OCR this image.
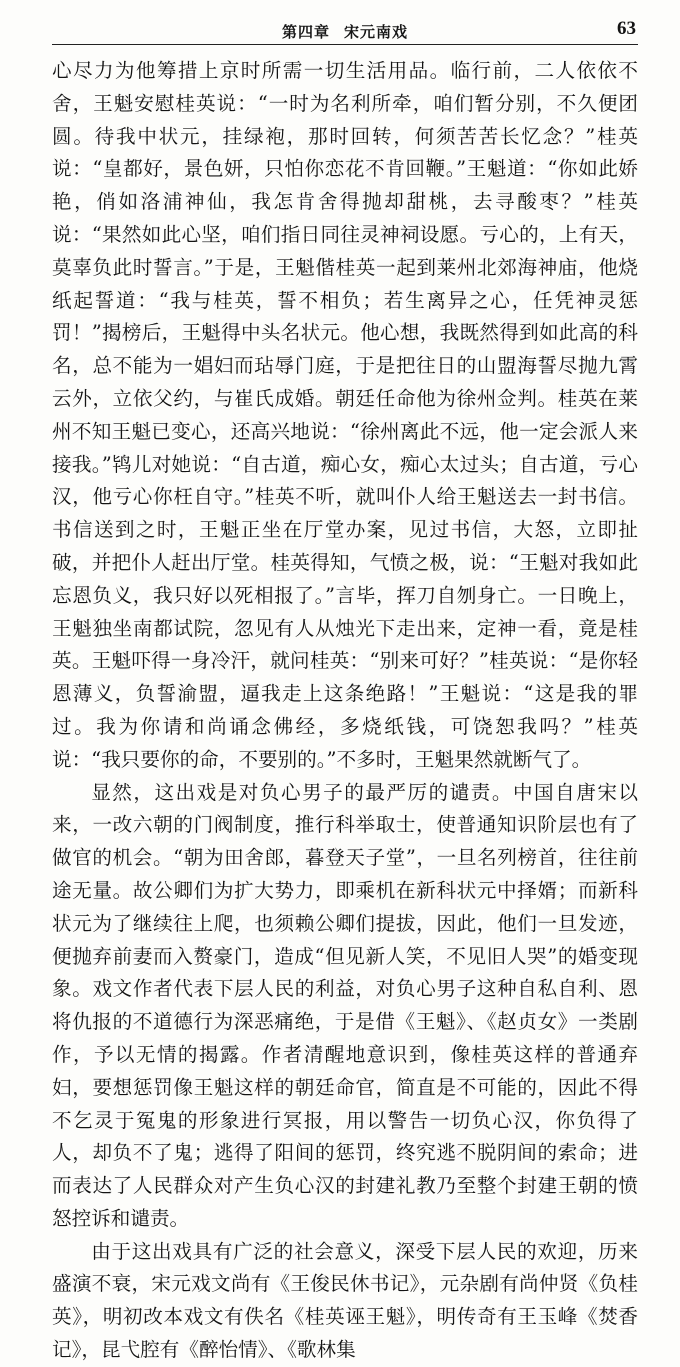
第四章 宋元南戏	63

心尽力为他筹措上京时所需一切生活用品。临行前，二人依依不舍，王魁安慰桂英说：“一时为名利所牵，咱们暂分别，不久便团圆。待我中状元，挂绿袍，那时回转，何须苦苦长忆念？”桂英说：“皇都好，景色妍，只怕你恋花不肯回鞭。”王魁道：“你如此娇艳，俏如洛浦神仙，我怎肯舍得抛却甜桃，去寻酸枣？”桂英说：“果然如此心坚，咱们指日同往灵神祠设愿。亏心的，上有天，莫辜负此时誓言。”于是，王魁偕桂英一起到莱州北郊海神庙，他烧纸起誓道：“我与桂英，誓不相负；若生离异之心，任凭神灵惩罚！”揭榜后，王魁得中头名状元。他心想，我既然得到如此高的科名，总不能为一娼妇而玷辱门庭，于是把往日的山盟海誓尽抛九霄云外，立依父约，与崔氏成婚。朝廷任命他为徐州佥判。桂英在莱州不知王魁已变心，还高兴地说：“徐州离此不远，他一定会派人来接我。”鸨儿对她说：“自古道，痴心女，痴心太过头；自古道，亏心汉，他亏心你枉自守。”桂英不听，就叫仆人给王魁送去一封书信。书信送到之时，王魁正坐在厅堂办案，见过书信，大怒，立即扯破，并把仆人赶出厅堂。桂英得知，气愤之极，说：“王魁对我如此忘恩负义，我只好以死相报了。”言毕，挥刀自刎身亡。一日晚上，王魁独坐南都试院，忽见有人从烛光下走出来，定神一看，竟是桂英。王魁吓得一身冷汗，就问桂英：“别来可好？”桂英说：“是你轻恩薄义，负誓渝盟，逼我走上这条绝路！”王魁说：“这是我的罪过。我为你请和尚诵念佛经，多烧纸钱，可饶恕我吗？”桂英说：“我只要你的命，不要别的。”不多时，王魁果然就断气了。

显然，这出戏是对负心男子的最严厉的谴责。中国自唐宋以来，一改六朝的门阀制度，推行科举取士，使普通知识阶层也有了做官的机会。“朝为田舍郎，暮登天子堂”，一旦名列榜首，往往前途无量。故公卿们为扩大势力，即乘机在新科状元中择婿；而新科状元为了继续往上爬，也须赖公卿们提拔，因此，他们一旦发迹，便抛弃前妻而入赘豪门，造成“但见新人笑，不见旧人哭”的婚变现象。戏文作者代表下层人民的利益，对负心男子这种自私自利、恩将仇报的不道德行为深恶痛绝，于是借《王魁》、《赵贞女》一类剧作，予以无情的揭露。作者清醒地意识到，像桂英这样的普通弃妇，要想惩罚像王魁这样的朝廷命官，简直是不可能的，因此不得不乞灵于冤鬼的形象进行冥报，用以警告一切负心汉，你负得了人，却负不了鬼；逃得了阳间的惩罚，终究逃不脱阴间的索命；进而表达了人民群众对产生负心汉的封建礼教乃至整个封建王朝的愤怒控诉和谴责。

由于这出戏具有广泛的社会意义，深受下层人民的欢迎，历来盛演不衰，宋元戏文尚有《王俊民休书记》，元杂剧有尚仲贤《负桂英》，明初改本戏文有佚名《桂英诬王魁》，明传奇有王玉峰《焚香记》，昆弋腔有《醉怡情》、《歌林集
